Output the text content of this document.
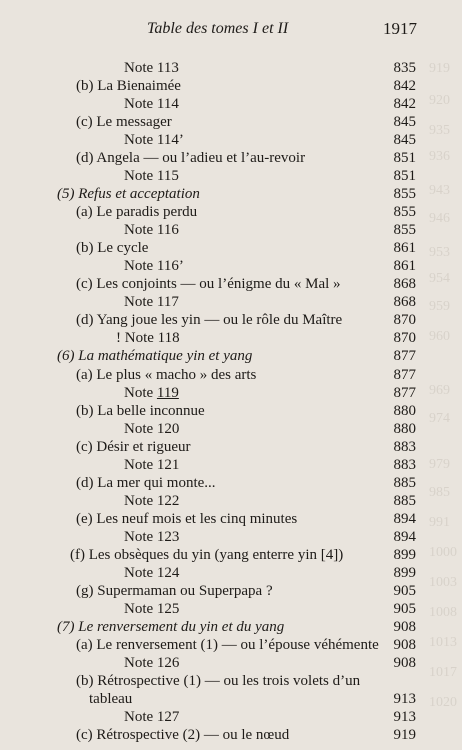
919
920
935
936
943
946
953
954
959
960
969
974
979
985
991
1000
1003
1008
1013
1017
1020
Table des tomes I et II	1917
Note 113	835
(b) La Bienaimée	842
Note 114	842
(c) Le messager	845
Note 114’	845
(d) Angela — ou l’adieu et l’au-revoir	851
Note 115	851
(5) Refus et acceptation	855
(a) Le paradis perdu	855
Note 116	855
(b) Le cycle	861
Note 116’	861
(c) Les conjoints — ou l’énigme du « Mal »	868
Note 117	868
(d) Yang joue les yin — ou le rôle du Maître	870
! Note 118	870
(6) La mathématique yin et yang	877
(a) Le plus « macho » des arts	877
Note 119	877
(b) La belle inconnue	880
Note 120	880
(c) Désir et rigueur	883
Note 121	883
(d) La mer qui monte...	885
Note 122	885
(e) Les neuf mois et les cinq minutes	894
Note 123	894
(f) Les obsèques du yin (yang enterre yin [4])	899
Note 124	899
(g) Supermaman ou Superpapa ?	905
Note 125	905
(7) Le renversement du yin et du yang	908
(a) Le renversement (1) — ou l’épouse véhémente 908
Note 126	908
(b) Rétrospective (1) — ou les trois volets d’un
tableau	913
Note 127	913
(c) Rétrospective (2) — ou le nœud	919
